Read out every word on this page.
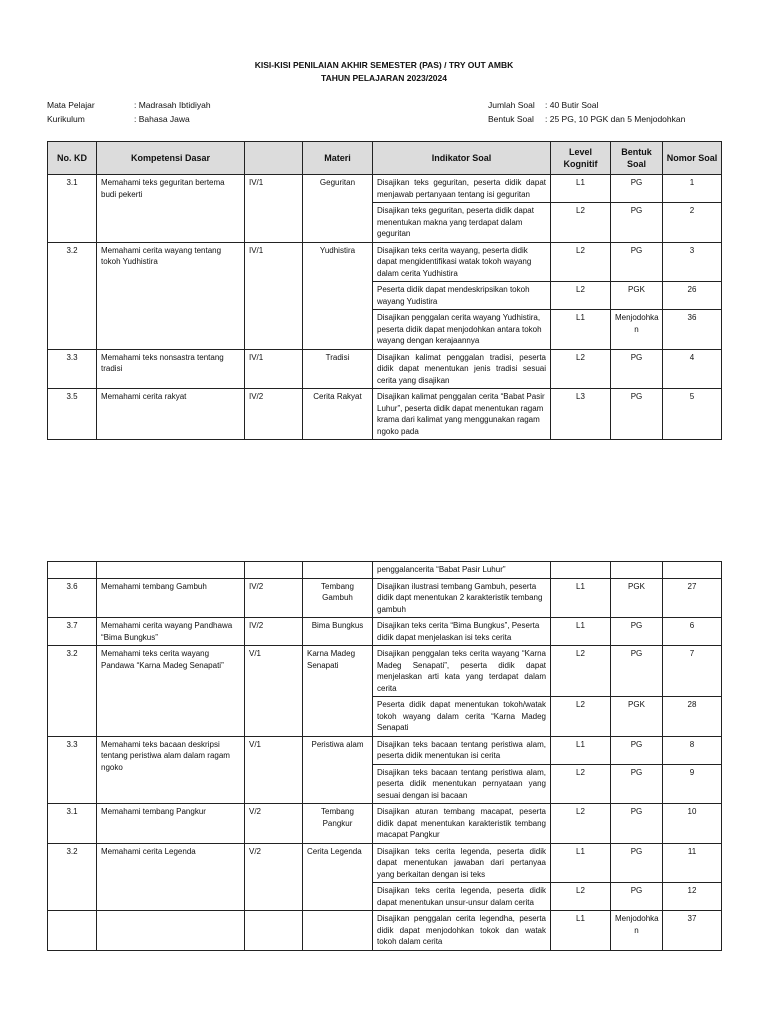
KISI-KISI PENILAIAN AKHIR SEMESTER (PAS) / TRY OUT AMBK
TAHUN PELAJARAN 2023/2024
Mata Pelajar	: Madrasah Ibtidiyah
Kurikulum	: Bahasa Jawa
Jumlah Soal : 40 Butir Soal
Bentuk Soal : 25 PG, 10 PGK dan 5 Menjodohkan
No. KD	Kompetensi Dasar		Materi	Indikator Soal	Level Kognitif	Bentuk Soal	Nomor Soal
3.1	Memahami teks geguritan bertema budi pekerti	IV/1	Geguritan	Disajikan teks geguritan, peserta didik dapat menjawab pertanyaan tentang isi geguritan	L1	PG	1
				Disajikan teks geguritan, peserta didik dapat menentukan makna yang terdapat dalam geguritan	L2	PG	2
3.2	Memahami cerita wayang tentang tokoh Yudhistira	IV/1	Yudhistira	Disajikan teks cerita wayang, peserta didik dapat mengidentifikasi watak tokoh wayang dalam cerita Yudhistira	L2	PG	3
				Peserta didik dapat mendeskripsikan tokoh wayang Yudistira	L2	PGK	26
				Disajikan penggalan cerita wayang Yudhistira, peserta didik dapat menjodohkan antara tokoh wayang dengan kerajaannya	L1	Menjodohka n	36
3.3	Memahami teks nonsastra tentang tradisi	IV/1	Tradisi	Disajikan kalimat penggalan tradisi, peserta didik dapat menentukan jenis tradisi sesuai cerita yang disajikan	L2	PG	4
3.5	Memahami cerita rakyat	IV/2	Cerita Rakyat	Disajikan kalimat penggalan cerita “Babat Pasir Luhur”, peserta didik dapat menentukan ragam krama dari kalimat yang menggunakan ragam ngoko pada	L3	PG	5
				penggalancerita “Babat Pasir Luhur”			
3.6	Memahami tembang Gambuh	IV/2	Tembang Gambuh	Disajikan ilustrasi tembang Gambuh, peserta didik dapt menentukan 2 karakteristik tembang gambuh	L1	PGK	27
3.7	Memahami cerita wayang Pandhawa “Bima Bungkus”	IV/2	Bima Bungkus	Disajikan teks cerita “Bima Bungkus”, Peserta didik dapat menjelaskan isi teks cerita	L1	PG	6
3.2	Memahami teks cerita wayang Pandawa “Karna Madeg Senapati”	V/1	Karna Madeg Senapati	Disajikan penggalan teks cerita wayang “Karna Madeg Senapati”, peserta didik dapat menjelaskan arti kata yang terdapat dalam cerita	L2	PG	7
				Peserta didik dapat menentukan tokoh/watak tokoh wayang dalam cerita “Karna Madeg Senapati	L2	PGK	28
3.3	Memahami teks bacaan deskripsi tentang peristiwa alam dalam ragam ngoko	V/1	Peristiwa alam	Disajikan teks bacaan tentang peristiwa alam, peserta didik menentukan isi cerita	L1	PG	8
				Disajikan teks bacaan tentang peristiwa alam, peserta didik menentukan pernyataan yang sesuai dengan isi bacaan	L2	PG	9
3.1	Memahami tembang Pangkur	V/2	Tembang Pangkur	Disajikan aturan tembang macapat, peserta didik dapat menentukan karakteristik tembang macapat Pangkur	L2	PG	10
3.2	Memahami cerita Legenda	V/2	Cerita Legenda	Disajikan teks cerita legenda, peserta didik dapat menentukan jawaban dari pertanyaa yang berkaitan dengan isi teks	L1	PG	11
				Disajikan teks cerita legenda, peserta didik dapat menentukan unsur-unsur dalam cerita	L2	PG	12
				Disajikan penggalan cerita legendha, peserta didik dapat menjodohkan tokok dan watak tokoh dalam cerita	L1	Menjodohka n	37
